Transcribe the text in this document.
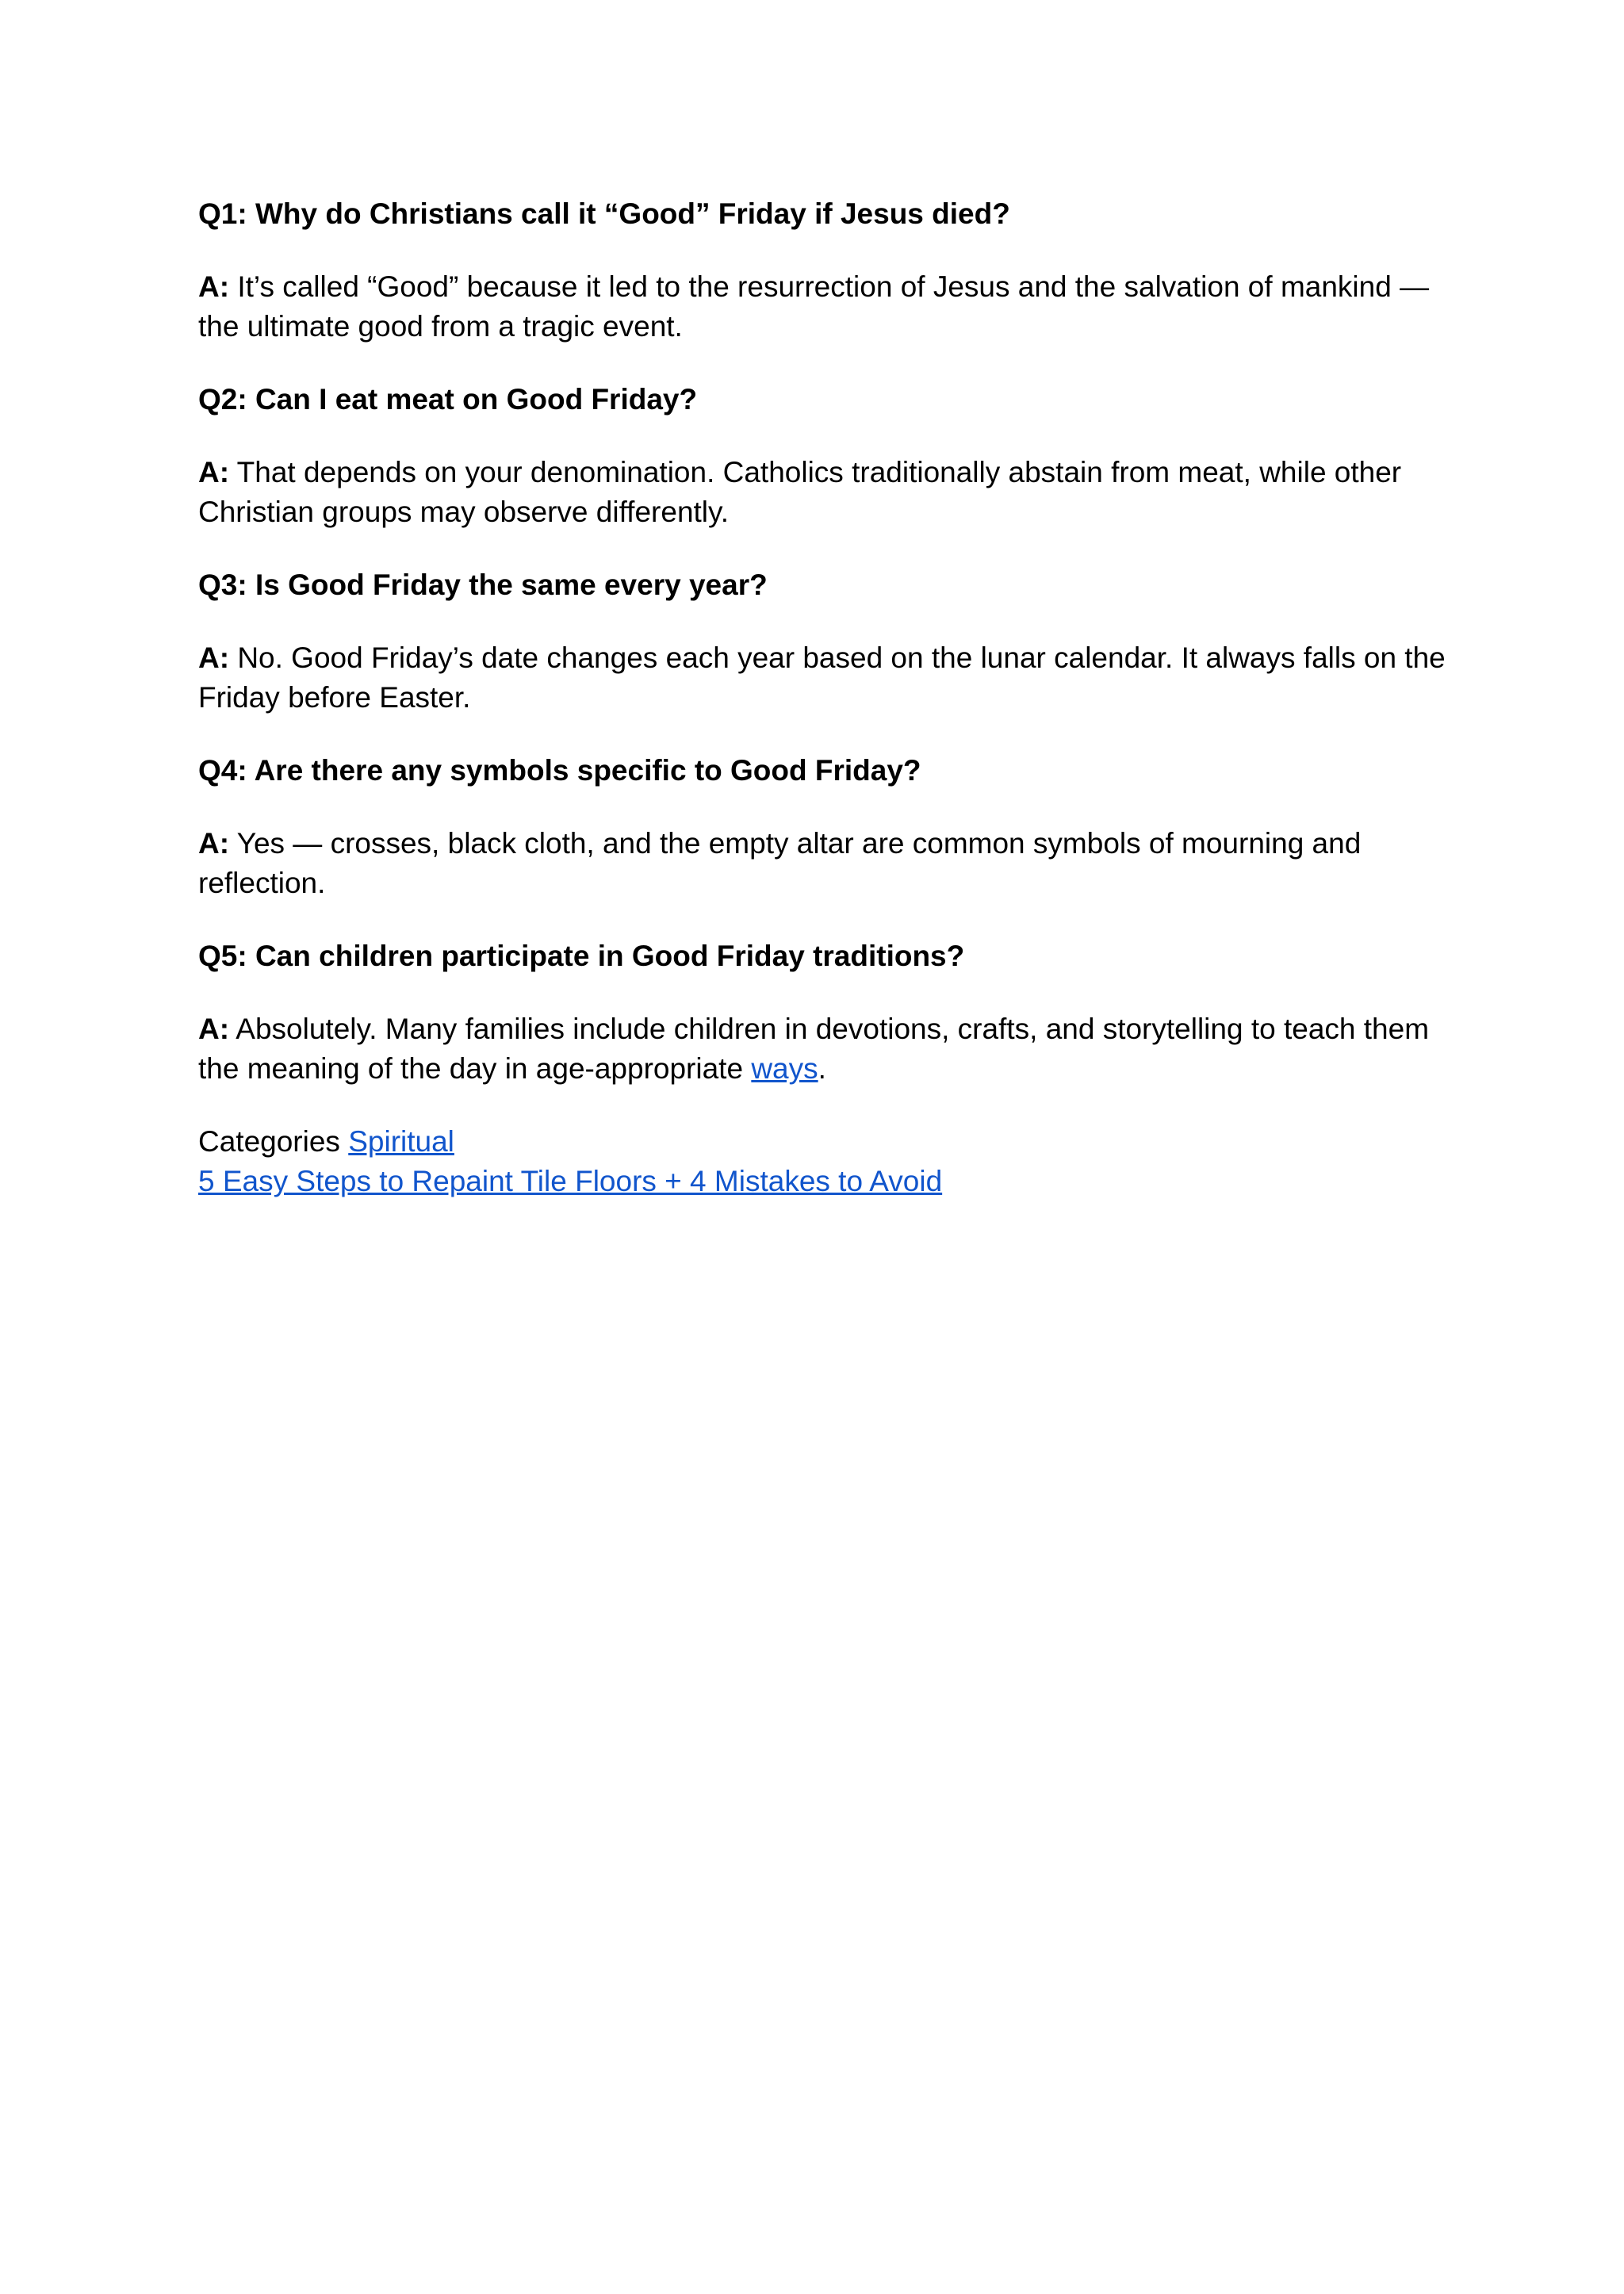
Q1: Why do Christians call it “Good” Friday if Jesus died?

A: It’s called “Good” because it led to the resurrection of Jesus and the salvation of mankind — the ultimate good from a tragic event.

Q2: Can I eat meat on Good Friday?

A: That depends on your denomination. Catholics traditionally abstain from meat, while other Christian groups may observe differently.

Q3: Is Good Friday the same every year?

A: No. Good Friday’s date changes each year based on the lunar calendar. It always falls on the Friday before Easter.

Q4: Are there any symbols specific to Good Friday?

A: Yes — crosses, black cloth, and the empty altar are common symbols of mourning and reflection.

Q5: Can children participate in Good Friday traditions?

A: Absolutely. Many families include children in devotions, crafts, and storytelling to teach them the meaning of the day in age-appropriate ways.

Categories Spiritual

5 Easy Steps to Repaint Tile Floors + 4 Mistakes to Avoid
